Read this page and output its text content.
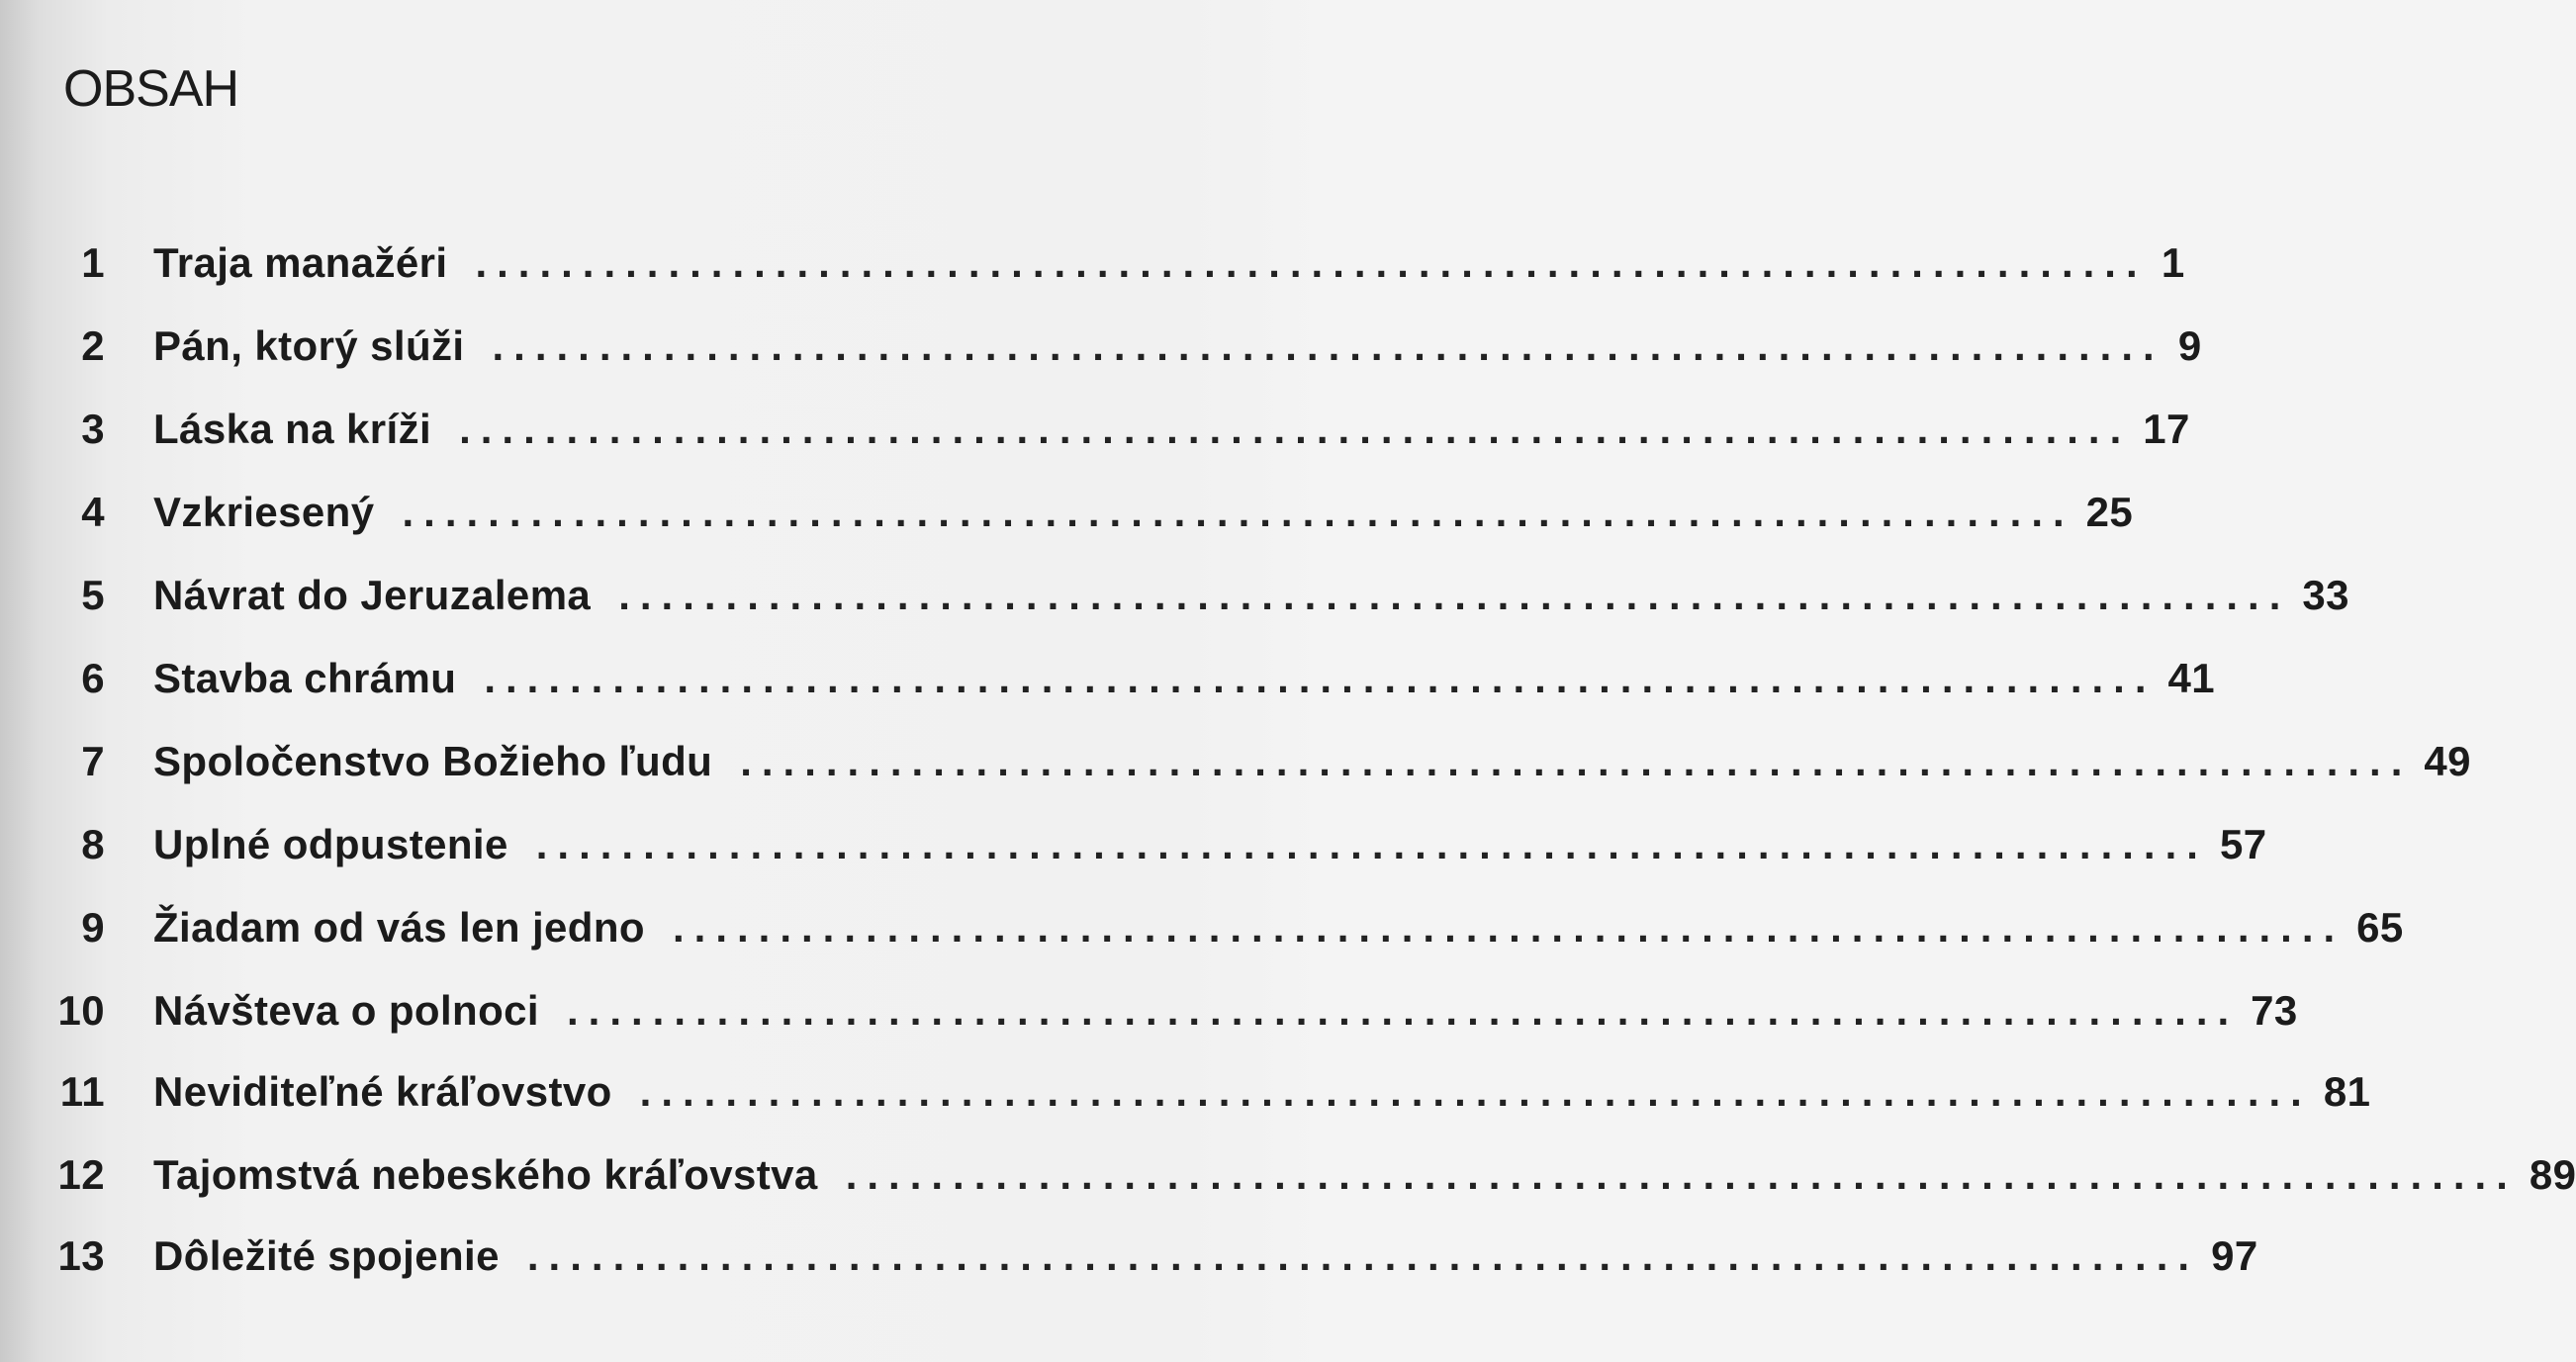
OBSAH
1 Traja manažéri .............................................................................. 1
2 Pán, ktorý slúži .............................................................................. 9
3 Láska na kríži .............................................................................. 17
4 Vzkriesený .............................................................................. 25
5 Návrat do Jeruzalema .............................................................................. 33
6 Stavba chrámu .............................................................................. 41
7 Spoločenstvo Božieho ľudu .............................................................................. 49
8 Uplné odpustenie .............................................................................. 57
9 Žiadam od vás len jedno .............................................................................. 65
10 Návšteva o polnoci .............................................................................. 73
11 Neviditeľné kráľovstvo .............................................................................. 81
12 Tajomstvá nebeského kráľovstva .............................................................................. 89
13 Dôležité spojenie .............................................................................. 97
